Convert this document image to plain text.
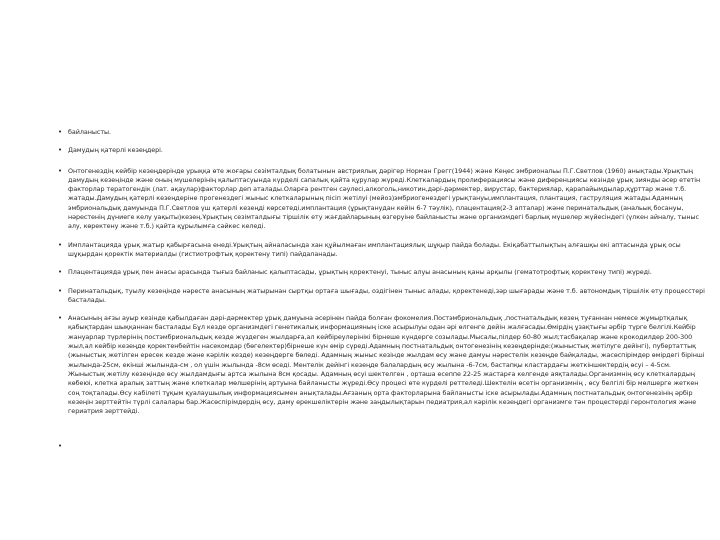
• байланысты.
• Дамудың қатерлі кезеңдері.
• Онтогенездің кейбір кезеңдерінде урыққа өте жоғары сезімталдық болатынын австриялық дәрігер Норман Грегг(1944) және Кеңес эмбриональы П.Г.Светлов (1960) анықтады.Ұрықтың дамудың кезеңінде және оның мүшелерінің қалыптасуында күрделі сапалық қайта құрулар жүреді.Клеткалардың пролиферациясы және диференциясы кезінде ұрық зиянды әсер ететін факторлар тератогендік (лат. ақаулар)факторлар деп аталады.Оларға рентген сәулесі,алкоголь,никотин,дәрі-дәрмектер, вирустар, бактериялар, қарапайымдылар,құрттар және т.б. жатады.Дамудың қатерлі кезеңдеріне прогенездегі жыныс клеткаларының пісіп жетілуі (мейоз)эмбриогенездегі урықтануы,имплантация, плантация, гаструляция жатады.Адамның эмбриональдық дамуында П.Г.Светлов үш қатерлі кезеңді көрсетеді,имплантация (ұрықтанудан кейін 6-7 тәулік), плацентация(2-3 апталар) және перинатальдық (анальық босануы, нәрестенің дүниеге келу уақыты)кезең.Ұрықтың сезімталдығы тіршілік ету жағдайларының өзгеруіне байланысты және организмдегі барлық мүшелер жүйесіндегі (үлкен айналу, тыныс алу, көректену және т.б.) қайта құрылымға сәйкес келеді.
• Имплантацияда ұрық жатыр қабырғасына енеді.Ұрықтың айналасында хан құйылмаған имплантациялық шұқыр пайда болады. Екіқабаттылықтың алғашқы екі аптасында ұрық осы шұқырдан қоректік материалды (гистиотрофтық қоректену типі) пайдаланады.
• Плацентацияда ұрық пен анасы арасында тығыз байланыс қалыптасады, ұрықтың қоректенуі, тыныс алуы анасының қаны арқылы (гематотрофтық қоректену типі) жүреді.
• Перинатальдық, туылу кезеңінде нәресте анасының жатырынан сыртқы ортаға шығады, оздігінен тыныс алады, қоректенеді,зәр шығарады және т.б. автономдық тіршілік ету процесстері басталады.
• Анасының ағзы ауыр кезінде қабылдаған дәрі-дәрмектер ұрық дамуына әсерінен пайда болған фокомелия.Постэмбриональдық ,постнатальдық кезең туғаннан немесе жұмыртқалық қабықтардан шыққаннан басталады Бұл кезде организмдегі генетикалық информацияның іске асырылуы одан әрі өлгенге дейін жалғасады.Өмірдің ұзақтығы әрбір түрге белгілі.Кейбір жануарлар түрлерінің постэмбриональдық кезде жүздеген жылдарға,ал кейбіреулерінікі бірнеше күндерге созылады.Мысалы,пілдер 60-80 жыл;тасбақалар және крокодилдер 200-300 жыл,ал кейбір кезеңде қоректенбейтін насекомдар (бөгелектер)бірнеше күн өмір сүреді.Адамның постнатальдық онтогенезінің кезеңдерінде:(жыныстық жетілуге дейінгі), пубертаттық (жыныстық жетілген ересек кезде және кәрілік кезде) кезеңдерге бөледі. Адамның жыныс кезінде жылдам өсу және дамуы нәрестелік кезеңде байқалады, жасөспірімдер өмірдегі бірінші жылында-25см, екінші жылында-см , ол үшін жылында -8см өседі. Ментелік дейінгі кезеңде балалардың өсу жылына -6-7см, бастапқы кластардағы жеткіншектердің өсуі – 4-5см. Жыныстық жетілу кезеңінде өсу жылдамдығы артса жылына 8см қосады. Адамның өсуі шектелген , орташа есеппе 22-25 жастарға келгенде аяқталады.Организмнің өсу клеткалардың көбеюі, клетка аралық заттың және клеткалар мөлшерінің артуына байланысты жүреді.Өсу процесі өте күрделі реттеледі.Шектелін өсетін организмнің , өсу белгілі бір мөлшерге жеткен соң тоқталады.Өсу кабілеті тұқым қуалаушылық информациясымен анықталады.Ағзаның орта факторларына байланысты іске асырылады.Адамның постнатальдық онтогенезінің әрбір кезеңін зерттейтін түрлі салалары бар.Жасөспірімдердің өсу, даму ерекшеліктерін және заңдылықтарын педиатрия,ал кәрілік кезеңдегі организмге тән процестерді геронтология және гериатрия зерттейді.
•
